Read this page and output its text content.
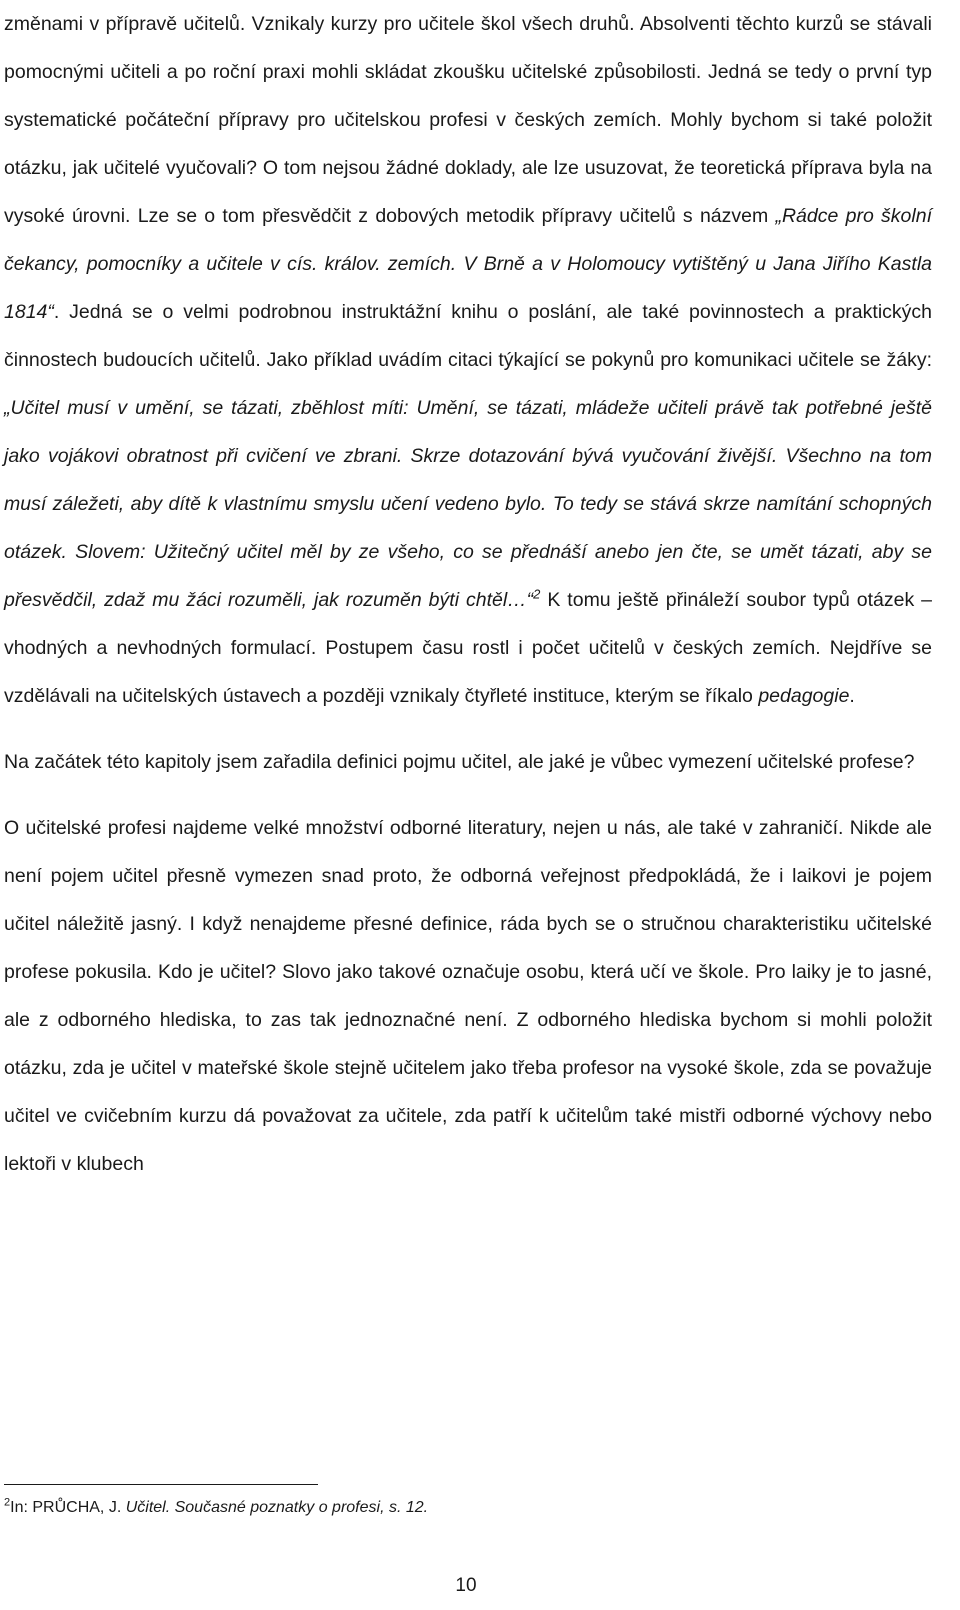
změnami v přípravě učitelů. Vznikaly kurzy pro učitele škol všech druhů. Absolventi těchto kurzů se stávali pomocnými učiteli a po roční praxi mohli skládat zkoušku učitelské způsobilosti. Jedná se tedy o první typ systematické počáteční přípravy pro učitelskou profesi v českých zemích. Mohly bychom si také položit otázku, jak učitelé vyučovali? O tom nejsou žádné doklady, ale lze usuzovat, že teoretická příprava byla na vysoké úrovni. Lze se o tom přesvědčit z dobových metodik přípravy učitelů s názvem „Rádce pro školní čekancy, pomocníky a učitele v cís. králov. zemích. V Brně a v Holomoucy vytištěný u Jana Jiřího Kastla 1814“. Jedná se o velmi podrobnou instruktážní knihu o poslání, ale také povinnostech a praktických činnostech budoucích učitelů. Jako příklad uvádím citaci týkající se pokynů pro komunikaci učitele se žáky: „Učitel musí v umění, se tázati, zběhlost míti: Umění, se tázati, mládeže učiteli právě tak potřebné ještě jako vojákovi obratnost při cvičení ve zbrani. Skrze dotazování bývá vyučování živější. Všechno na tom musí záležeti, aby dítě k vlastnímu smyslu učení vedeno bylo. To tedy se stává skrze namítání schopných otázek. Slovem: Užitečný učitel měl by ze všeho, co se přednáší anebo jen čte, se umět tázati, aby se přesvědčil, zdaž mu žáci rozuměli, jak rozuměn býti chtěl…“$^2$ K tomu ještě přináleží soubor typů otázek – vhodných a nevhodných formulací. Postupem času rostl i počet učitelů v českých zemích. Nejdříve se vzdělávali na učitelských ústavech a později vznikaly čtyřleté instituce, kterým se říkalo pedagogie.

Na začátek této kapitoly jsem zařadila definici pojmu učitel, ale jaké je vůbec vymezení učitelské profese?

O učitelské profesi najdeme velké množství odborné literatury, nejen u nás, ale také v zahraničí. Nikde ale není pojem učitel přesně vymezen snad proto, že odborná veřejnost předpokládá, že i laikovi je pojem učitel náležitě jasný. I když nenajdeme přesné definice, ráda bych se o stručnou charakteristiku učitelské profese pokusila. Kdo je učitel? Slovo jako takové označuje osobu, která učí ve škole. Pro laiky je to jasné, ale z odborného hlediska, to zas tak jednoznačné není. Z odborného hlediska bychom si mohli položit otázku, zda je učitel v mateřské škole stejně učitelem jako třeba profesor na vysoké škole, zda se považuje učitel ve cvičebním kurzu dá považovat za učitele, zda patří k učitelům také mistři odborné výchovy nebo lektoři v klubech

$^2$In: PRŮCHA, J. Učitel. Současné poznatky o profesi, s. 12.
10
